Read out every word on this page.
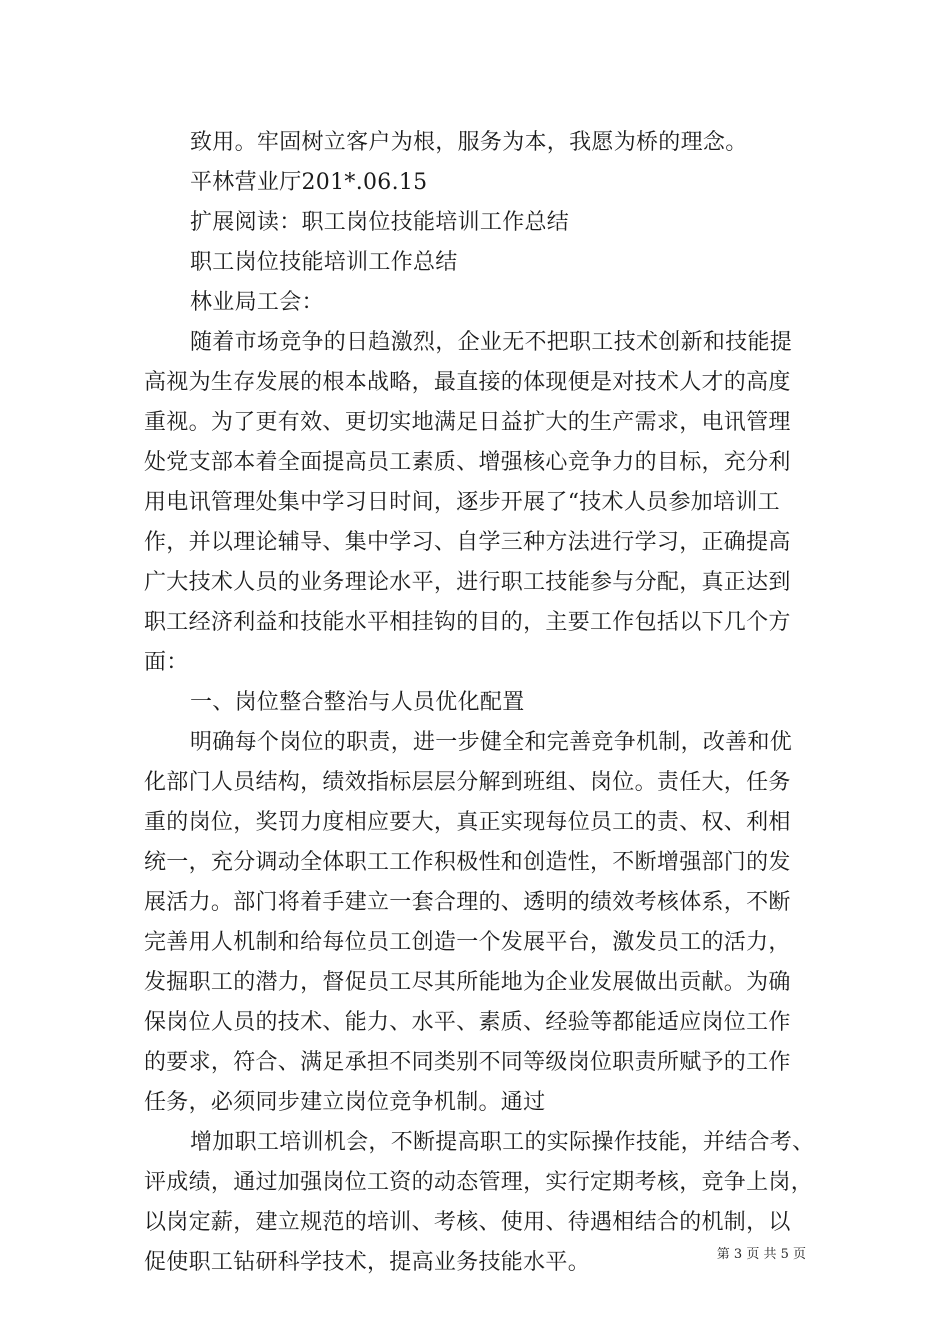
致用。牢固树立客户为根，服务为本，我愿为桥的理念。
平林营业厅201*.06.15
扩展阅读：职工岗位技能培训工作总结
职工岗位技能培训工作总结
林业局工会：
随着市场竞争的日趋激烈，企业无不把职工技术创新和技能提
高视为生存发展的根本战略，最直接的体现便是对技术人才的高度
重视。为了更有效、更切实地满足日益扩大的生产需求，电讯管理
处党支部本着全面提高员工素质、增强核心竞争力的目标，充分利
用电讯管理处集中学习日时间，逐步开展了“技术人员参加培训工
作，并以理论辅导、集中学习、自学三种方法进行学习，正确提高
广大技术人员的业务理论水平，进行职工技能参与分配，真正达到
职工经济利益和技能水平相挂钩的目的，主要工作包括以下几个方
面：
一、岗位整合整治与人员优化配置
明确每个岗位的职责，进一步健全和完善竞争机制，改善和优
化部门人员结构，绩效指标层层分解到班组、岗位。责任大，任务
重的岗位，奖罚力度相应要大，真正实现每位员工的责、权、利相
统一，充分调动全体职工工作积极性和创造性，不断增强部门的发
展活力。部门将着手建立一套合理的、透明的绩效考核体系，不断
完善用人机制和给每位员工创造一个发展平台，激发员工的活力，
发掘职工的潜力，督促员工尽其所能地为企业发展做出贡献。为确
保岗位人员的技术、能力、水平、素质、经验等都能适应岗位工作
的要求，符合、满足承担不同类别不同等级岗位职责所赋予的工作
任务，必须同步建立岗位竞争机制。通过
增加职工培训机会，不断提高职工的实际操作技能，并结合考、
评成绩，通过加强岗位工资的动态管理，实行定期考核，竞争上岗，
以岗定薪，建立规范的培训、考核、使用、待遇相结合的机制，以
促使职工钻研科学技术，提高业务技能水平。	第 3 页 共 5 页
